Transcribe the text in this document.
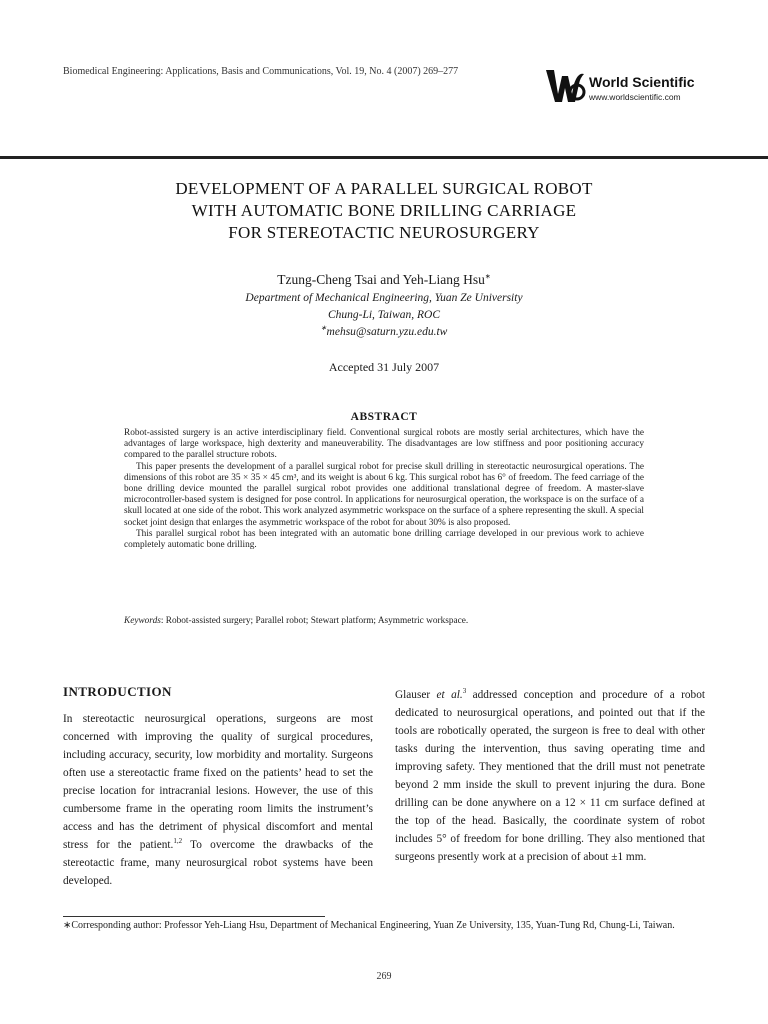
Biomedical Engineering: Applications, Basis and Communications, Vol. 19, No. 4 (2007) 269–277
World Scientific
www.worldscientific.com
DEVELOPMENT OF A PARALLEL SURGICAL ROBOT
WITH AUTOMATIC BONE DRILLING CARRIAGE
FOR STEREOTACTIC NEUROSURGERY
Tzung-Cheng Tsai and Yeh-Liang Hsu∗
Department of Mechanical Engineering, Yuan Ze University
Chung-Li, Taiwan, ROC
∗mehsu@saturn.yzu.edu.tw
Accepted 31 July 2007
ABSTRACT

Robot-assisted surgery is an active interdisciplinary field. Conventional surgical robots are mostly serial architectures, which have the advantages of large workspace, high dexterity and maneuverability. The disadvantages are low stiffness and poor positioning accuracy compared to the parallel structure robots.

This paper presents the development of a parallel surgical robot for precise skull drilling in stereotactic neurosurgical operations. The dimensions of this robot are 35 × 35 × 45 cm³, and its weight is about 6 kg. This surgical robot has 6° of freedom. The feed carriage of the bone drilling device mounted the parallel surgical robot provides one additional translational degree of freedom. A master-slave microcontroller-based system is designed for pose control. In applications for neurosurgical operation, the workspace is on the surface of a skull located at one side of the robot. This work analyzed asymmetric workspace on the surface of a sphere representing the skull. A special socket joint design that enlarges the asymmetric workspace of the robot for about 30% is also proposed.

This parallel surgical robot has been integrated with an automatic bone drilling carriage developed in our previous work to achieve completely automatic bone drilling.

Keywords: Robot-assisted surgery; Parallel robot; Stewart platform; Asymmetric workspace.
INTRODUCTION
In stereotactic neurosurgical operations, surgeons are most concerned with improving the quality of surgical procedures, including accuracy, security, low morbidity and mortality. Surgeons often use a stereotactic frame fixed on the patients’ head to set the precise location for intracranial lesions. However, the use of this cumbersome frame in the operating room limits the instrument’s access and has the detriment of physical discomfort and mental stress for the patient.$^{1,2}$ To overcome the drawbacks of the stereotactic frame, many neurosurgical robot systems have been developed.
Glauser et al.$^3$ addressed conception and procedure of a robot dedicated to neurosurgical operations, and pointed out that if the tools are robotically operated, the surgeon is free to deal with other tasks during the intervention, thus saving operating time and improving safety. They mentioned that the drill must not penetrate beyond 2 mm inside the skull to prevent injuring the dura. Bone drilling can be done anywhere on a 12 × 11 cm surface defined at the top of the head. Basically, the coordinate system of robot includes 5° of freedom for bone drilling. They also mentioned that surgeons presently work at a precision of about ±1 mm.
∗Corresponding author: Professor Yeh-Liang Hsu, Department of Mechanical Engineering, Yuan Ze University, 135, Yuan-Tung Rd, Chung-Li, Taiwan.
269
